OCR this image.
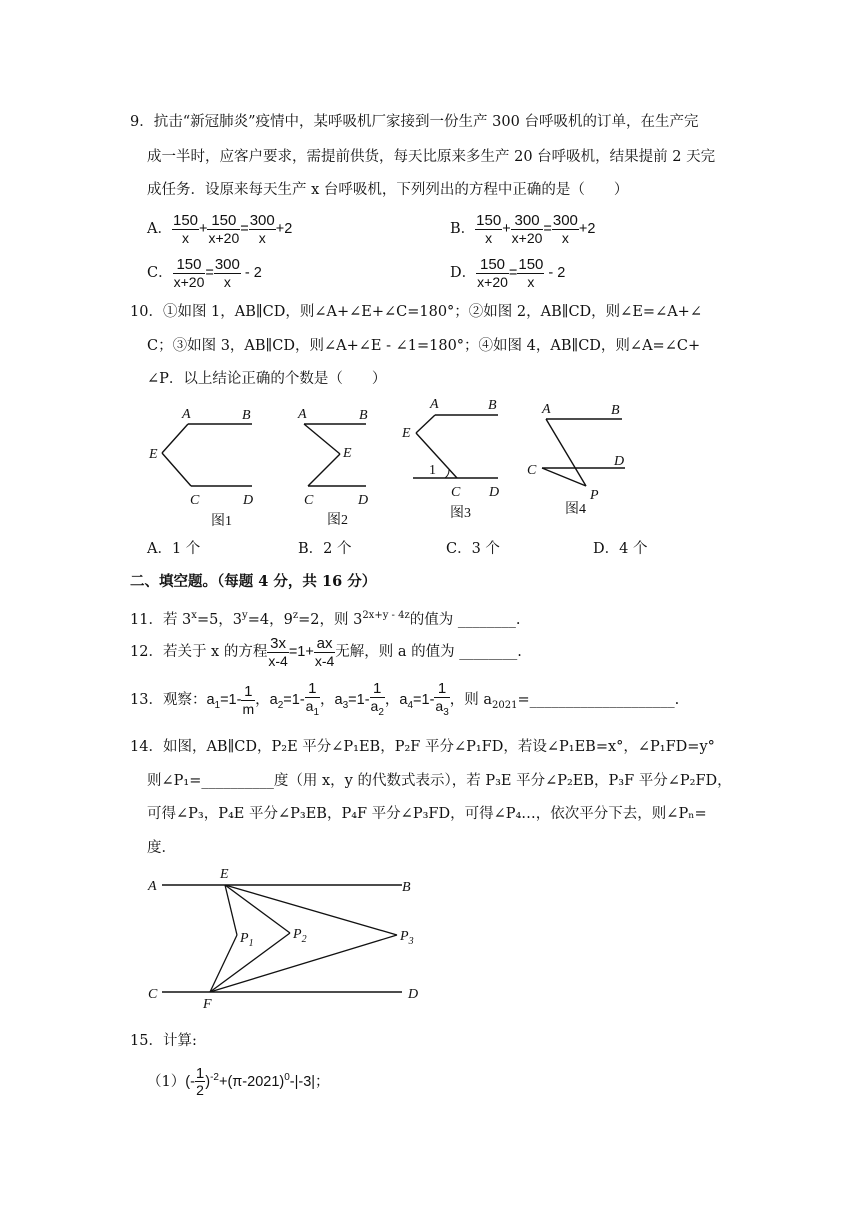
9．抗击“新冠肺炎”疫情中，某呼吸机厂家接到一份生产 300 台呼吸机的订单，在生产完
成一半时，应客户要求，需提前供货，每天比原来多生产 20 台呼吸机，结果提前 2 天完
成任务．设原来每天生产 x 台呼吸机，下列列出的方程中正确的是（　　）
A． $\frac{150}{x} + \frac{150}{x+20} = \frac{300}{x} +2$	B． $\frac{150}{x} + \frac{300}{x+20} = \frac{300}{x} +2$
C． $\frac{150}{x+20} = \frac{300}{x} - 2$	D． $\frac{150}{x+20} = \frac{150}{x} - 2$
10．①如图 1，AB∥CD，则∠A+∠E+∠C=180°；②如图 2，AB∥CD，则∠E=∠A+∠
C；③如图 3，AB∥CD，则∠A+∠E - ∠1=180°；④如图 4，AB∥CD，则∠A=∠C+
∠P．以上结论正确的个数是（　　）
A	B
E
C	D
图1
A	B
E
C	D
图2
A	B
E
1
C D
图3
A	B
C
D
P
图4
A．1 个	B．2 个	C．3 个	D．4 个
二、填空题。（每题 4 分，共 16 分）
11．若 $3^x=5$，$3^y=4$，$9^z=2$，则 $3^{2x+y - 4z}$的值为 ________.
12．若关于 x 的方程 $\frac{3x}{x-4} =1+ \frac{ax}{x-4}$ 无解，则 a 的值为 ________.
13．观察：$a_1=1- \frac{1}{m}$ ，$a_2=1- \frac{1}{a_1}$ ，$a_3=1- \frac{1}{a_2}$ ，$a_4=1- \frac{1}{a_3}$ ，则 $a_{2021}=\_\_\_\_\_\_\_\_\_\_\_\_\_\_\_\_\_\_\_\_$.
14．如图，AB∥CD，P₂E 平分∠P₁EB，P₂F 平分∠P₁FD，若设∠P₁EB=x°，∠P₁FD=y°
则∠P₁=__________度（用 x，y 的代数式表示），若 P₃E 平分∠P₂EB，P₃F 平分∠P₂FD，
可得∠P₃，P₄E 平分∠P₃EB，P₄F 平分∠P₃FD，可得∠P₄…，依次平分下去，则∠Pₙ=
度．
A
E
B
$P_1$
$P_2$	$P_3$
C
F
D
15．计算:
$(1)(- \frac{1}{2} )^{-2}+(\pi-2021)^0-|-3|$；
